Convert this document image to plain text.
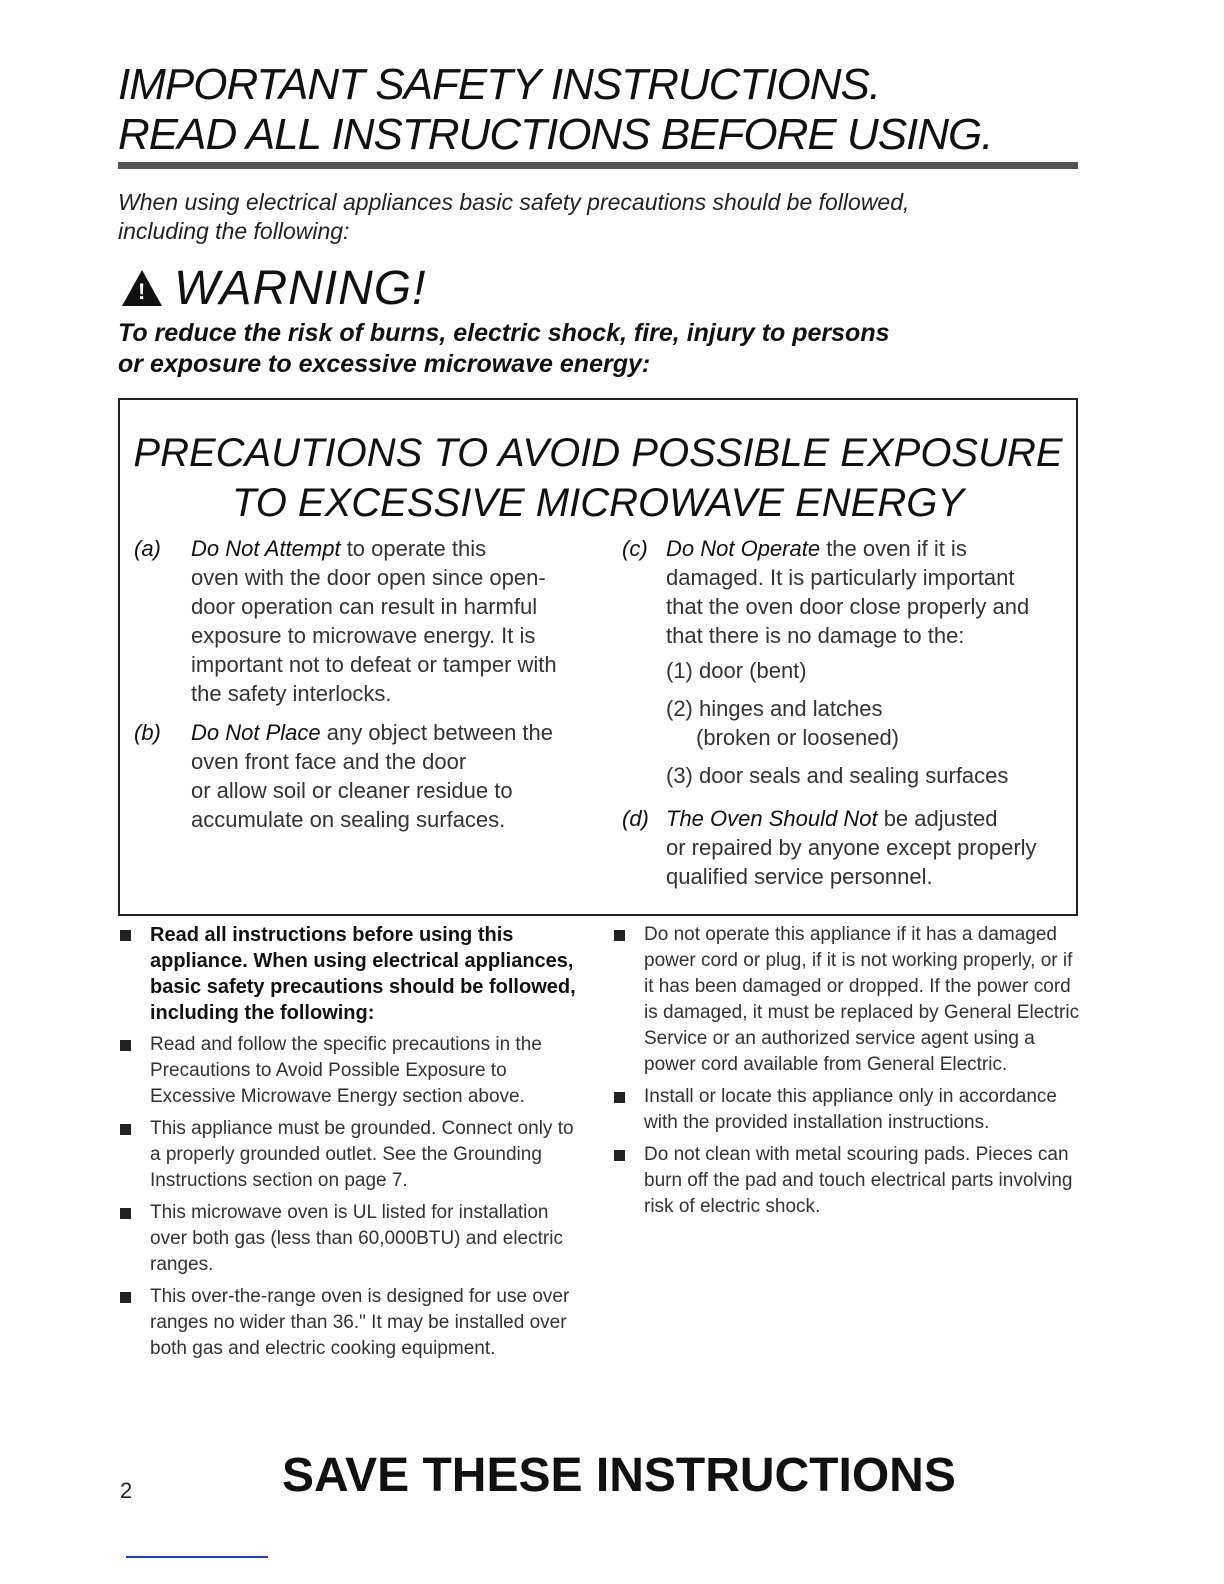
IMPORTANT SAFETY INSTRUCTIONS.
READ ALL INSTRUCTIONS BEFORE USING.
When using electrical appliances basic safety precautions should be followed,
including the following:
!
WARNING!
To reduce the risk of burns, electric shock, fire, injury to persons
or exposure to excessive microwave energy:
PRECAUTIONS TO AVOID POSSIBLE EXPOSURE
TO EXCESSIVE MICROWAVE ENERGY
(a) Do Not Attempt to operate this
oven with the door open since open-
door operation can result in harmful
exposure to microwave energy. It is
important not to defeat or tamper with
the safety interlocks.
(b) Do Not Place any object between the
oven front face and the door
or allow soil or cleaner residue to
accumulate on sealing surfaces.
(c) Do Not Operate the oven if it is
damaged. It is particularly important
that the oven door close properly and
that there is no damage to the:
(1) door (bent)
(2) hinges and latches
(broken or loosened)
(3) door seals and sealing surfaces
(d) The Oven Should Not be adjusted
or repaired by anyone except properly
qualified service personnel.
Read all instructions before using this appliance. When using electrical appliances, basic safety precautions should be followed, including the following:
Read and follow the specific precautions in the Precautions to Avoid Possible Exposure to Excessive Microwave Energy section above.
This appliance must be grounded. Connect only to a properly grounded outlet. See the Grounding Instructions section on page 7.
This microwave oven is UL listed for installation over both gas (less than 60,000BTU) and electric ranges.
This over-the-range oven is designed for use over ranges no wider than 36." It may be installed over both gas and electric cooking equipment.
Do not operate this appliance if it has a damaged power cord or plug, if it is not working properly, or if it has been damaged or dropped. If the power cord is damaged, it must be replaced by General Electric Service or an authorized service agent using a power cord available from General Electric.
Install or locate this appliance only in accordance with the provided installation instructions.
Do not clean with metal scouring pads. Pieces can burn off the pad and touch electrical parts involving risk of electric shock.
2	SAVE THESE INSTRUCTIONS
